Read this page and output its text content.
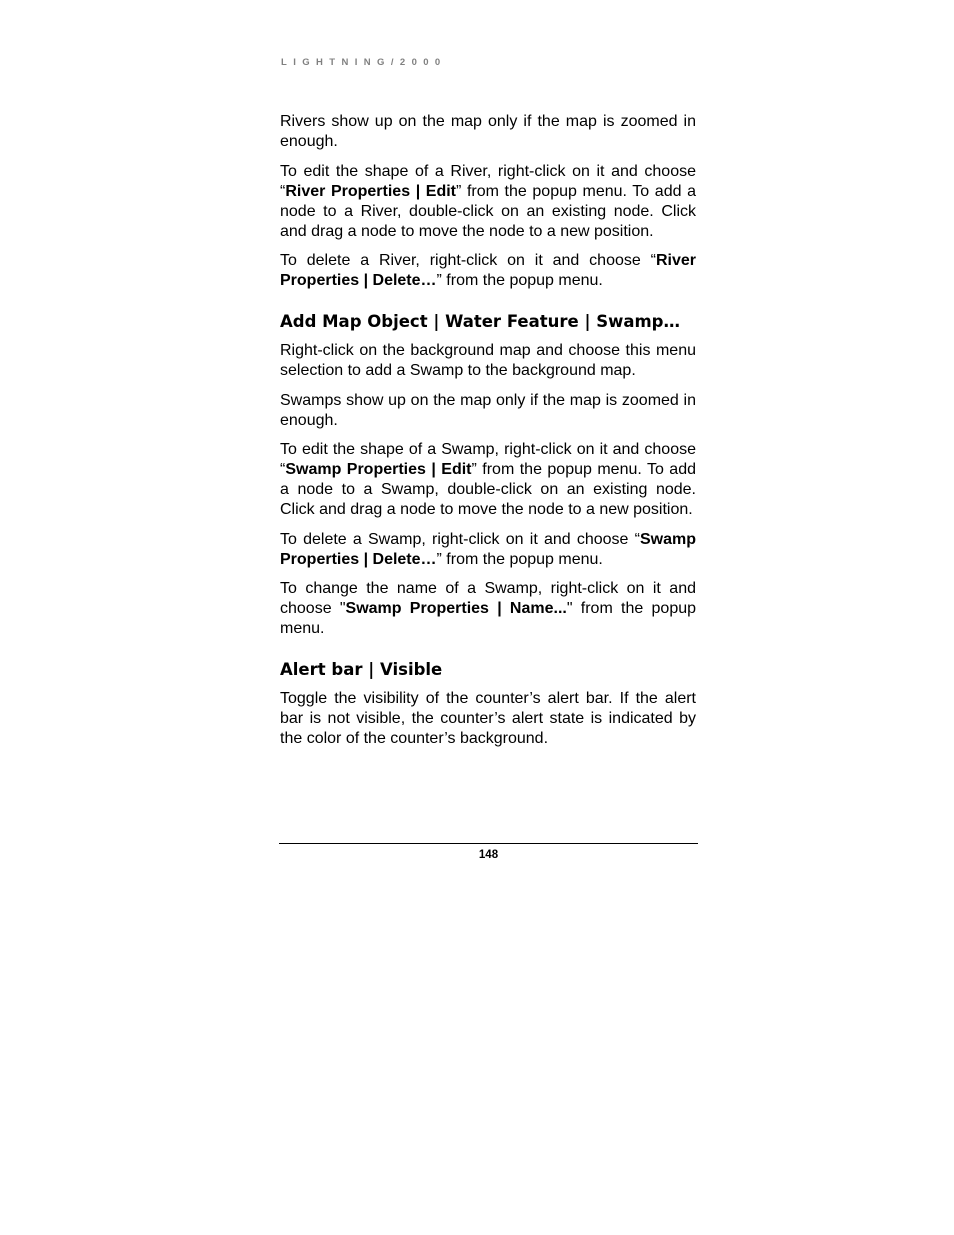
LIGHTNING/2000

Rivers show up on the map only if the map is zoomed in enough.

To edit the shape of a River, right-click on it and choose “River Properties | Edit” from the popup menu. To add a node to a River, double-click on an existing node. Click and drag a node to move the node to a new position.

To delete a River, right-click on it and choose “River Properties | Delete…” from the popup menu.

Add Map Object | Water Feature | Swamp…

Right-click on the background map and choose this menu selection to add a Swamp to the background map.

Swamps show up on the map only if the map is zoomed in enough.

To edit the shape of a Swamp, right-click on it and choose “Swamp Properties | Edit” from the popup menu. To add a node to a Swamp, double-click on an existing node. Click and drag a node to move the node to a new position.

To delete a Swamp, right-click on it and choose “Swamp Properties | Delete…” from the popup menu.

To change the name of a Swamp, right-click on it and choose "Swamp Properties | Name..." from the popup menu.

Alert bar | Visible

Toggle the visibility of the counter’s alert bar. If the alert bar is not visible, the counter’s alert state is indicated by the color of the counter’s background.

148
